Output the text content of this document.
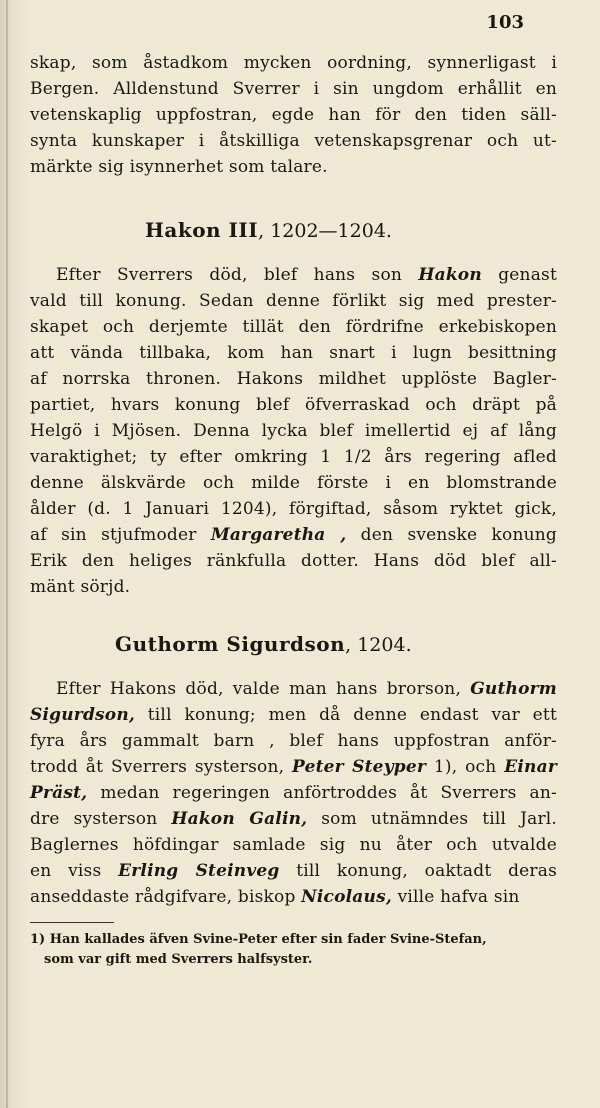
103
skap, som åstadkom mycken oordning, synnerligast i
Bergen. Alldenstund Sverrer i sin ungdom erhållit en
vetenskaplig uppfostran, egde han för den tiden säll-
synta kunskaper i åtskilliga vetenskapsgrenar och ut-
märkte sig isynnerhet som talare.
Hakon III, 1202—1204.
Efter Sverrers död, blef hans son Hakon genast
vald till konung. Sedan denne förlikt sig med prester-
skapet och derjemte tillät den fördrifne erkebiskopen
att vända tillbaka, kom han snart i lugn besittning
af norrska thronen. Hakons mildhet upplöste Bagler-
partiet, hvars konung blef öfverraskad och dräpt på
Helgö i Mjösen. Denna lycka blef imellertid ej af lång
varaktighet; ty efter omkring 1 1/2 års regering afled
denne älskvärde och milde förste i en blomstrande
ålder (d. 1 Januari 1204), förgiftad, såsom ryktet gick,
af sin stjufmoder Margaretha , den svenske konung
Erik den heliges ränkfulla dotter. Hans död blef all-
mänt sörjd.
Guthorm Sigurdson, 1204.
Efter Hakons död, valde man hans brorson, Guthorm
Sigurdson, till konung; men då denne endast var ett
fyra års gammalt barn , blef hans uppfostran anför-
trodd åt Sverrers systerson, Peter Steyper 1), och Einar
Präst, medan regeringen anförtroddes åt Sverrers an-
dre systerson Hakon Galin, som utnämndes till Jarl.
Baglernes höfdingar samlade sig nu åter och utvalde
en viss Erling Steinveg till konung, oaktadt deras
anseddaste rådgifvare, biskop Nicolaus, ville hafva sin
1) Han kallades äfven Svine-Peter efter sin fader Svine-Stefan,
som var gift med Sverrers halfsyster.
